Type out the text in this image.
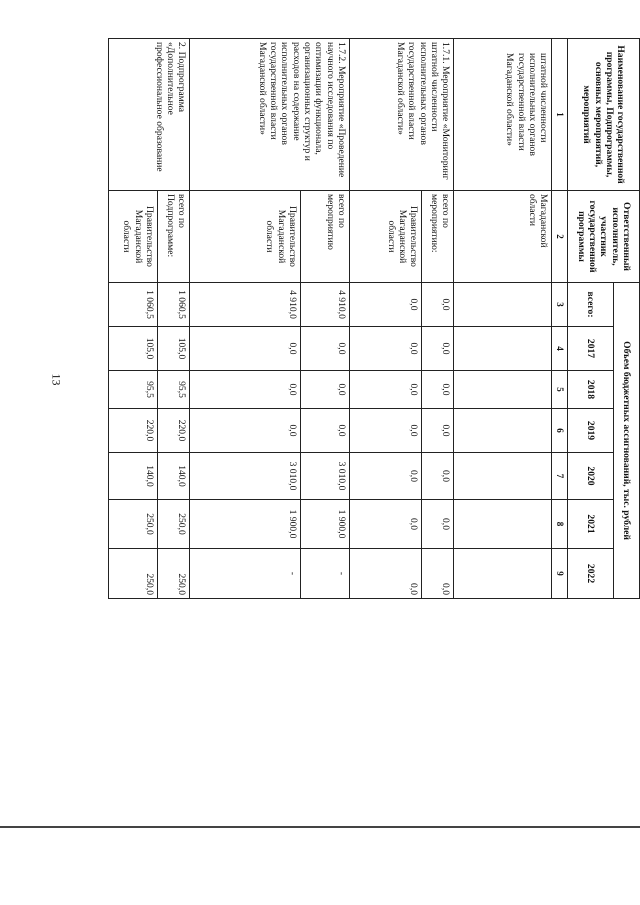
13
Наименование государственной программы, Подпрограммы, основных мероприятий, мероприятий	Ответственный исполнитель, участник государственной программы	Объем бюджетных ассигнований, тыс. рублей						
		всего:	2017	2018	2019	2020	2021	2022
1	2	3	4	5	6	7	8	9
штатной численности исполнительных органов государственной власти Магаданской области»	Магаданской области							
1.7.1. Мероприятие «Мониторинг штатной численности исполнительных органов государственной власти Магаданской области»	всего по мероприятию:	0,0	0,0	0,0	0,0	0,0	0,0	0,0
	Правительство Магаданской области	0,0	0,0	0,0	0,0	0,0	0,0	0,0
1.7.2. Мероприятие «Проведение научного исследования по оптимизации функционала, организационных структур и расходов на содержание исполнительных органов государственной власти Магаданской области»	всего по мероприятию	4 910,0	0,0	0,0	0,0	3 010,0	1 900,0	-
	Правительство Магаданской области	4 910,0	0,0	0,0	0,0	3 010,0	1 900,0	-
2. Подпрограмма «Дополнительное профессиональное образование	всего по Подпрограмме:	1 060,5	105,0	95,5	220,0	140,0	250,0	250,0
	Правительство Магаданской области	1 060,5	105,0	95,5	220,0	140,0	250,0	250,0
